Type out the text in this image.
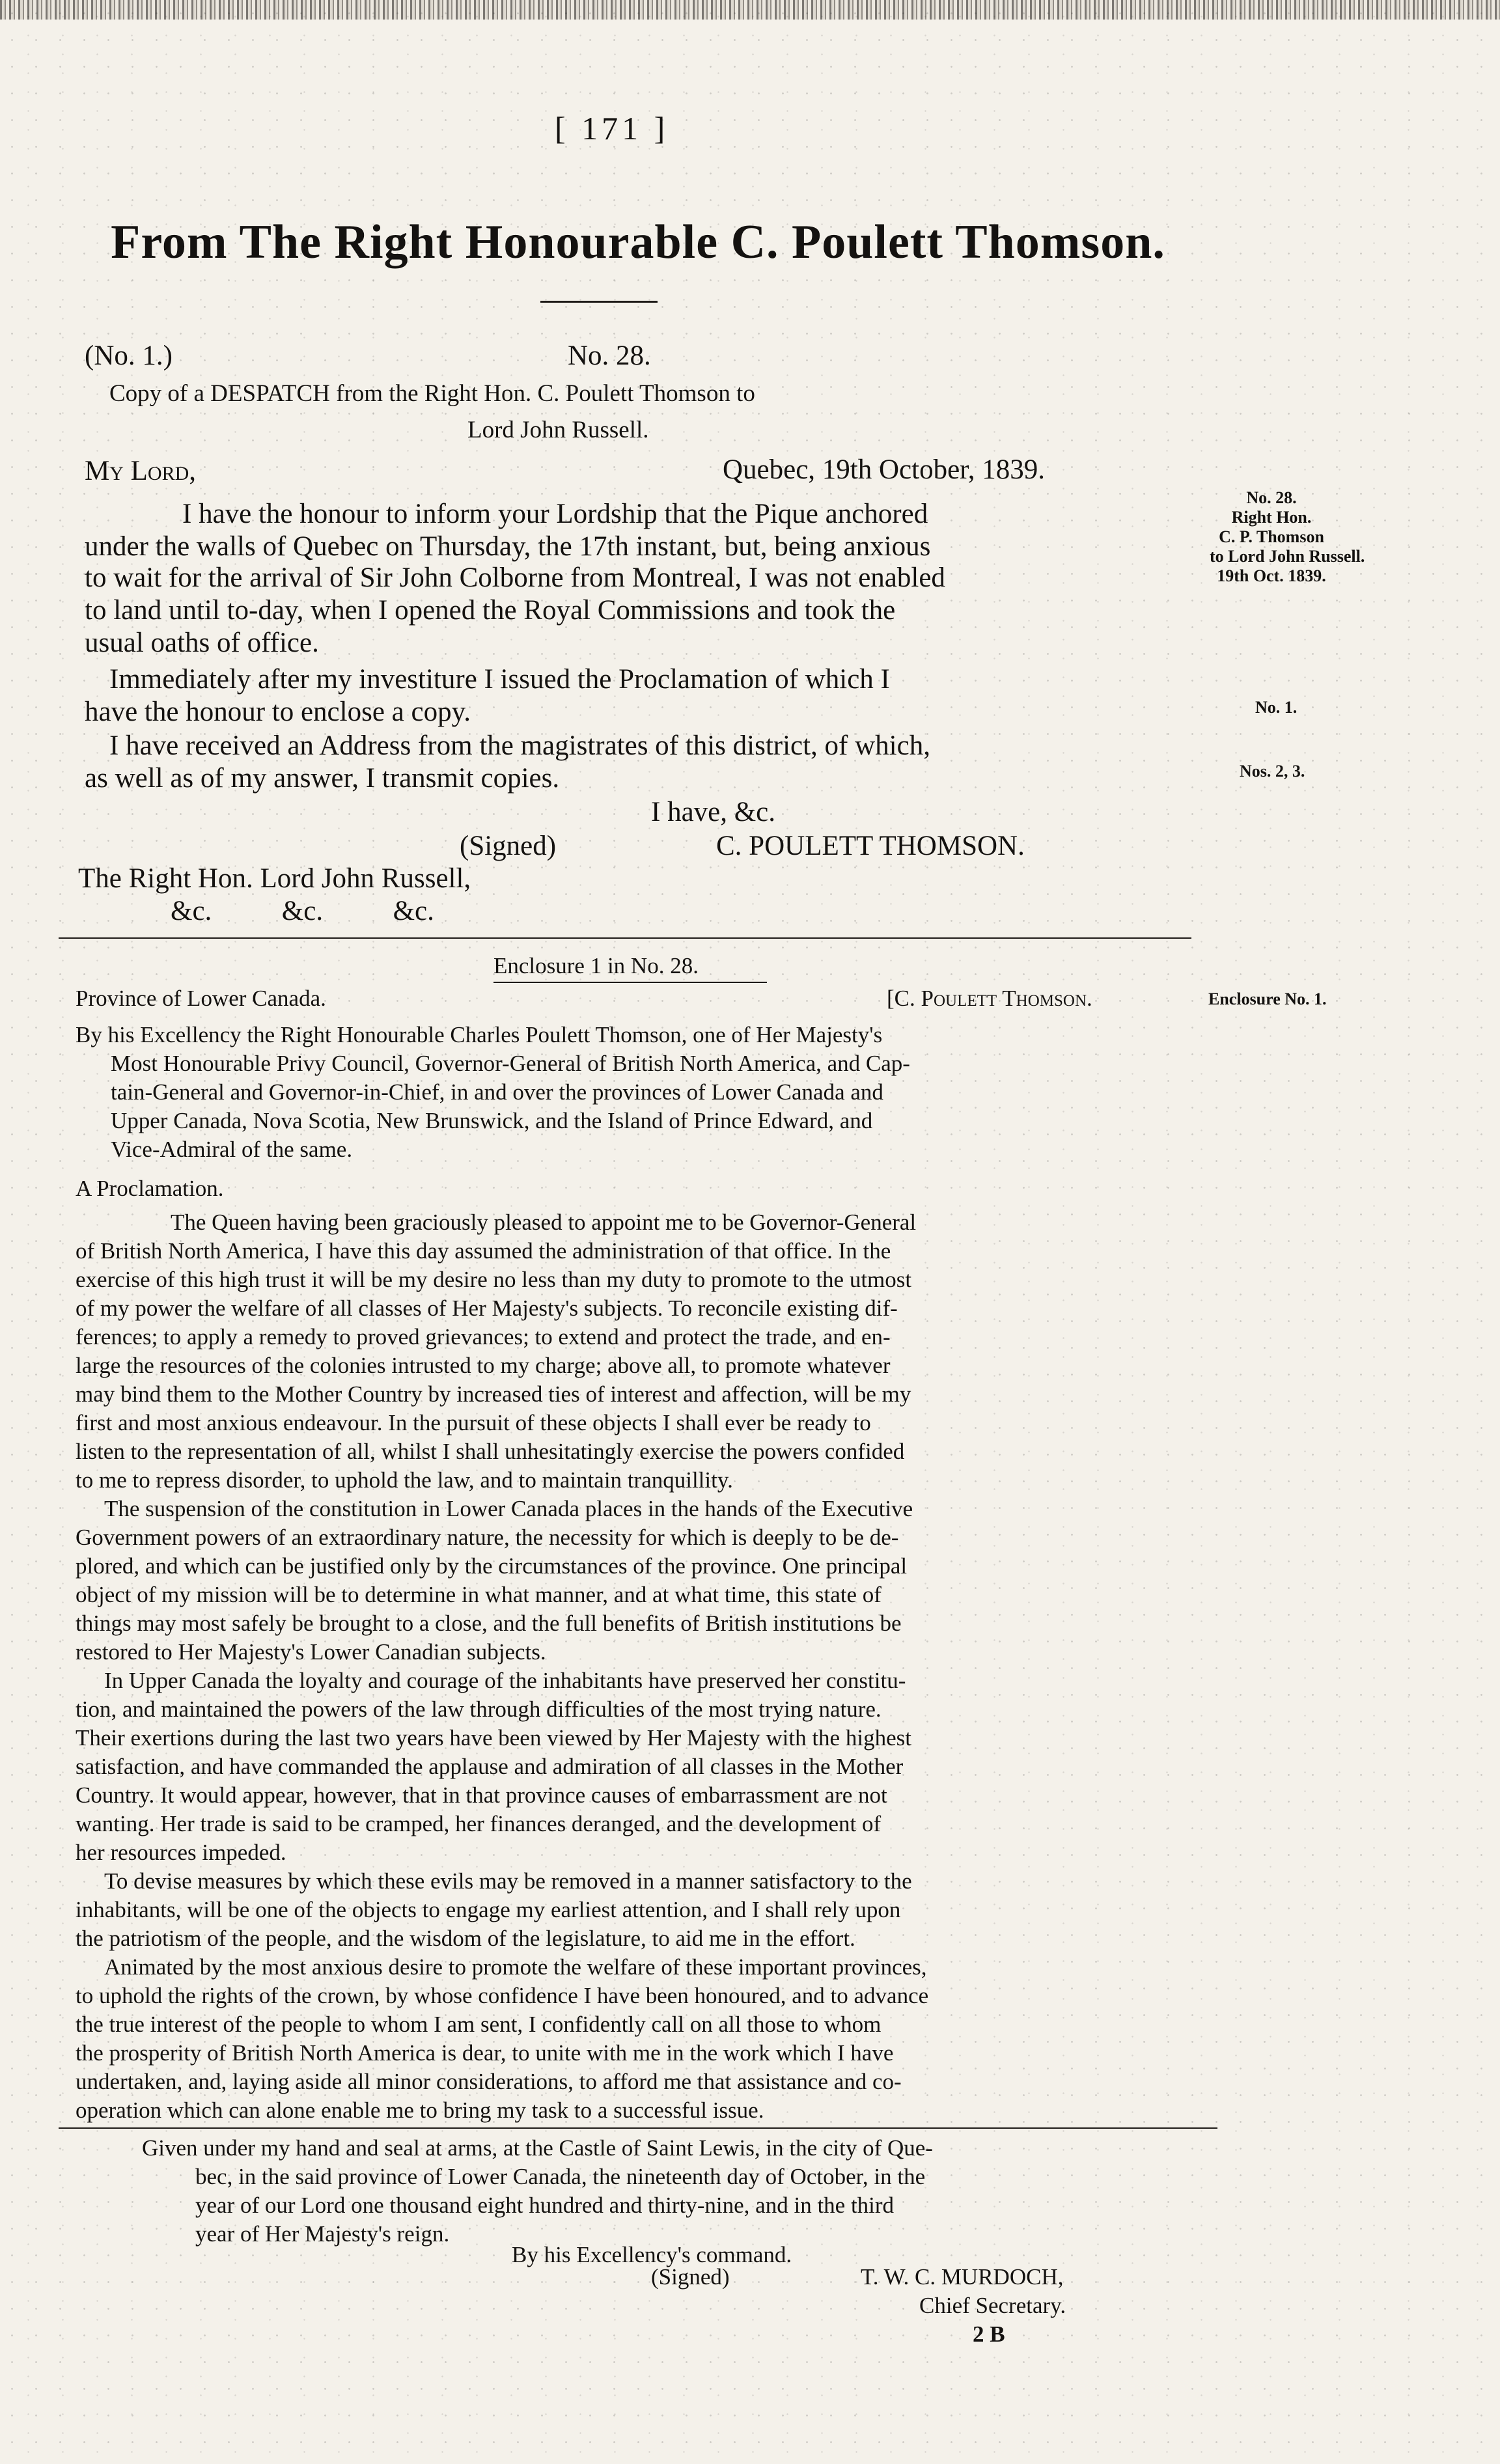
[ 171 ]
From The Right Honourable C. Poulett Thomson.
(No. 1.)	No. 28.
Copy of a DESPATCH from the Right Hon. C. Poulett Thomson to
Lord John Russell.
My Lord,	Quebec, 19th October, 1839.
I have the honour to inform your Lordship that the Pique anchored
under the walls of Quebec on Thursday, the 17th instant, but, being anxious
to wait for the arrival of Sir John Colborne from Montreal, I was not enabled
to land until to-day, when I opened the Royal Commissions and took the
usual oaths of office.
Immediately after my investiture I issued the Proclamation of which I
have the honour to enclose a copy.
I have received an Address from the magistrates of this district, of which,
as well as of my answer, I transmit copies.
I have, &c.
(Signed)	C. POULETT THOMSON.
The Right Hon. Lord John Russell,
&c.          &c.          &c.
No. 28.
Right Hon.
C. P. Thomson
to Lord John Russell.
19th Oct. 1839.
No. 1.
Nos. 2, 3.
Enclosure 1 in No. 28.
Province of Lower Canada.	[C. Poulett Thomson.	Enclosure No. 1.
By his Excellency the Right Honourable Charles Poulett Thomson, one of Her Majesty's
Most Honourable Privy Council, Governor-General of British North America, and Cap-
tain-General and Governor-in-Chief, in and over the provinces of Lower Canada and
Upper Canada, Nova Scotia, New Brunswick, and the Island of Prince Edward, and
Vice-Admiral of the same.
A Proclamation.
The Queen having been graciously pleased to appoint me to be Governor-General
of British North America, I have this day assumed the administration of that office. In the
exercise of this high trust it will be my desire no less than my duty to promote to the utmost
of my power the welfare of all classes of Her Majesty's subjects. To reconcile existing dif-
ferences; to apply a remedy to proved grievances; to extend and protect the trade, and en-
large the resources of the colonies intrusted to my charge; above all, to promote whatever
may bind them to the Mother Country by increased ties of interest and affection, will be my
first and most anxious endeavour. In the pursuit of these objects I shall ever be ready to
listen to the representation of all, whilst I shall unhesitatingly exercise the powers confided
to me to repress disorder, to uphold the law, and to maintain tranquillity.
The suspension of the constitution in Lower Canada places in the hands of the Executive
Government powers of an extraordinary nature, the necessity for which is deeply to be de-
plored, and which can be justified only by the circumstances of the province. One principal
object of my mission will be to determine in what manner, and at what time, this state of
things may most safely be brought to a close, and the full benefits of British institutions be
restored to Her Majesty's Lower Canadian subjects.
In Upper Canada the loyalty and courage of the inhabitants have preserved her constitu-
tion, and maintained the powers of the law through difficulties of the most trying nature.
Their exertions during the last two years have been viewed by Her Majesty with the highest
satisfaction, and have commanded the applause and admiration of all classes in the Mother
Country. It would appear, however, that in that province causes of embarrassment are not
wanting. Her trade is said to be cramped, her finances deranged, and the development of
her resources impeded.
To devise measures by which these evils may be removed in a manner satisfactory to the
inhabitants, will be one of the objects to engage my earliest attention, and I shall rely upon
the patriotism of the people, and the wisdom of the legislature, to aid me in the effort.
Animated by the most anxious desire to promote the welfare of these important provinces,
to uphold the rights of the crown, by whose confidence I have been honoured, and to advance
the true interest of the people to whom I am sent, I confidently call on all those to whom
the prosperity of British North America is dear, to unite with me in the work which I have
undertaken, and, laying aside all minor considerations, to afford me that assistance and co-
operation which can alone enable me to bring my task to a successful issue.
Given under my hand and seal at arms, at the Castle of Saint Lewis, in the city of Que-
bec, in the said province of Lower Canada, the nineteenth day of October, in the
year of our Lord one thousand eight hundred and thirty-nine, and in the third
year of Her Majesty's reign.
By his Excellency's command.
(Signed)	T. W. C. MURDOCH,
Chief Secretary.
2 B
